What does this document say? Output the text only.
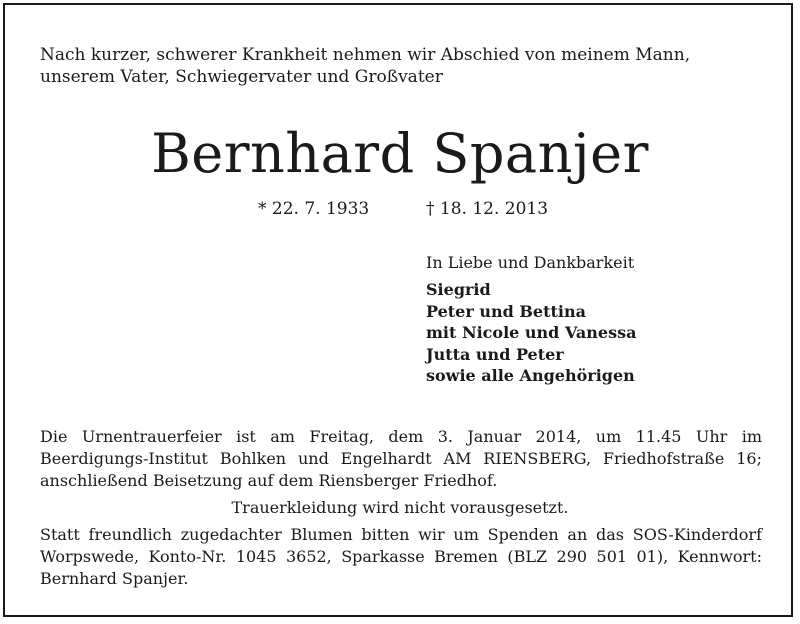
Nach kurzer, schwerer Krankheit nehmen wir Abschied von meinem Mann, unserem Vater, Schwiegervater und Großvater

Bernhard Spanjer
* 22. 7. 1933	† 18. 12. 2013

In Liebe und Dankbarkeit

Siegrid
Peter und Bettina
mit Nicole und Vanessa
Jutta und Peter
sowie alle Angehörigen

Die Urnentrauerfeier ist am Freitag, dem 3. Januar 2014, um 11.45 Uhr im Beerdigungs-Institut Bohlken und Engelhardt AM RIENSBERG, Friedhofstraße 16; anschließend Beisetzung auf dem Riensberger Friedhof.

Trauerkleidung wird nicht vorausgesetzt.

Statt freundlich zugedachter Blumen bitten wir um Spenden an das SOS-Kinderdorf Worpswede, Konto-Nr. 1045 3652, Sparkasse Bremen (BLZ 290 501 01), Kennwort: Bernhard Spanjer.
